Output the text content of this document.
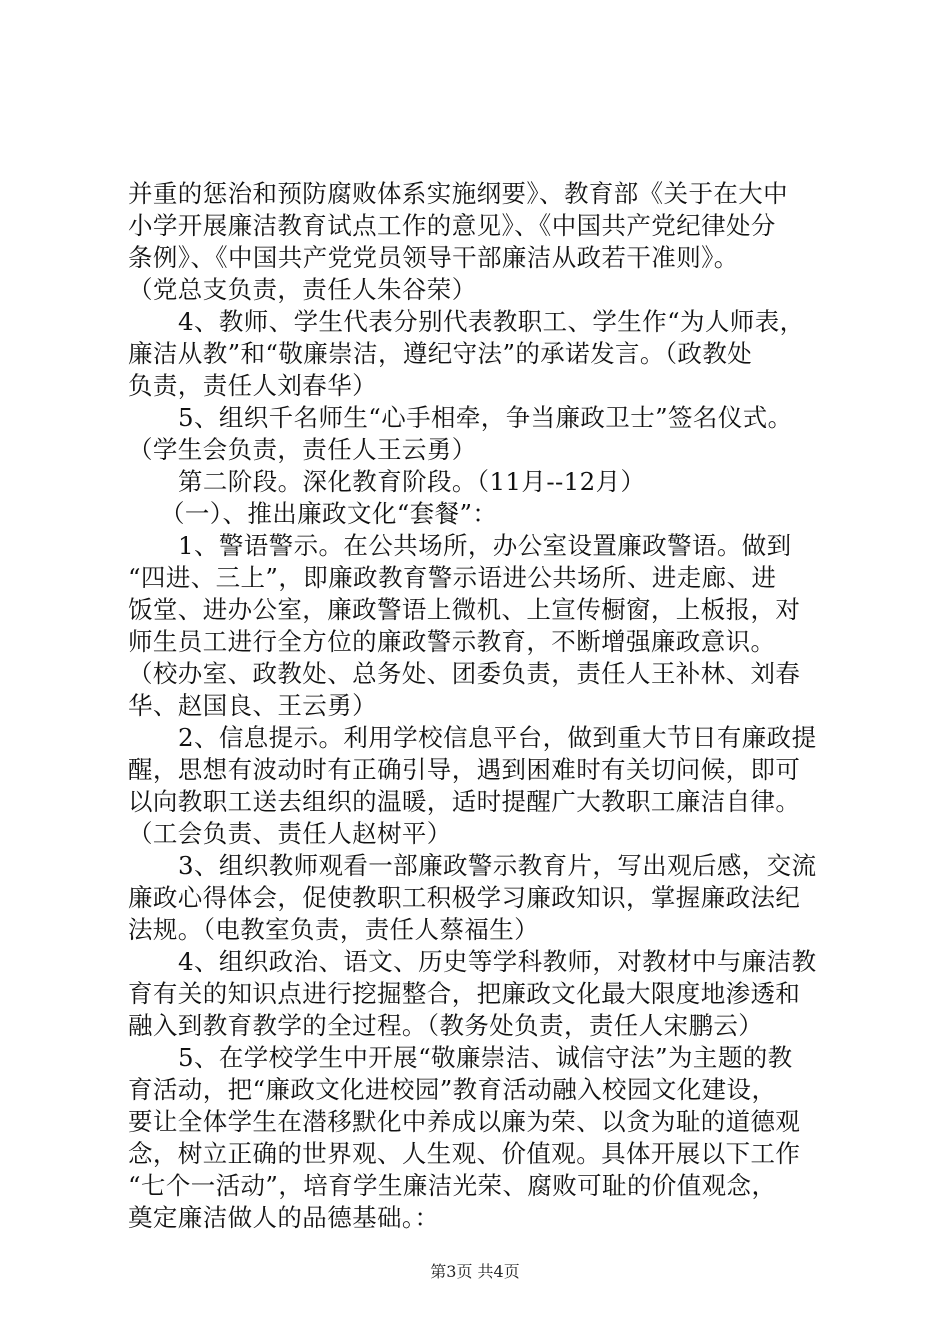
并重的惩治和预防腐败体系实施纲要》、教育部《关于在大中
小学开展廉洁教育试点工作的意见》、《中国共产党纪律处分
条例》、《中国共产党党员领导干部廉洁从政若干准则》。
（党总支负责，责任人朱谷荣）
4、教师、学生代表分别代表教职工、学生作“为人师表，
廉洁从教”和“敬廉崇洁，遵纪守法”的承诺发言。（政教处
负责，责任人刘春华）
5、组织千名师生“心手相牵，争当廉政卫士”签名仪式。
（学生会负责，责任人王云勇）
第二阶段。深化教育阶段。（11月--12月）
（一）、推出廉政文化“套餐”：
1、警语警示。在公共场所，办公室设置廉政警语。做到
“四进、三上”，即廉政教育警示语进公共场所、进走廊、进
饭堂、进办公室，廉政警语上微机、上宣传橱窗，上板报，对
师生员工进行全方位的廉政警示教育，不断增强廉政意识。
（校办室、政教处、总务处、团委负责，责任人王补林、刘春
华、赵国良、王云勇）
2、信息提示。利用学校信息平台，做到重大节日有廉政提
醒，思想有波动时有正确引导，遇到困难时有关切问候，即可
以向教职工送去组织的温暖，适时提醒广大教职工廉洁自律。
（工会负责、责任人赵树平）
3、组织教师观看一部廉政警示教育片，写出观后感，交流
廉政心得体会，促使教职工积极学习廉政知识，掌握廉政法纪
法规。（电教室负责，责任人蔡福生）
4、组织政治、语文、历史等学科教师，对教材中与廉洁教
育有关的知识点进行挖掘整合，把廉政文化最大限度地渗透和
融入到教育教学的全过程。（教务处负责，责任人宋鹏云）
5、在学校学生中开展“敬廉崇洁、诚信守法”为主题的教
育活动，把“廉政文化进校园”教育活动融入校园文化建设，
要让全体学生在潜移默化中养成以廉为荣、以贪为耻的道德观
念，树立正确的世界观、人生观、价值观。具体开展以下工作
“七个一活动”，培育学生廉洁光荣、腐败可耻的价值观念，
奠定廉洁做人的品德基础。：
第3页 共4页
